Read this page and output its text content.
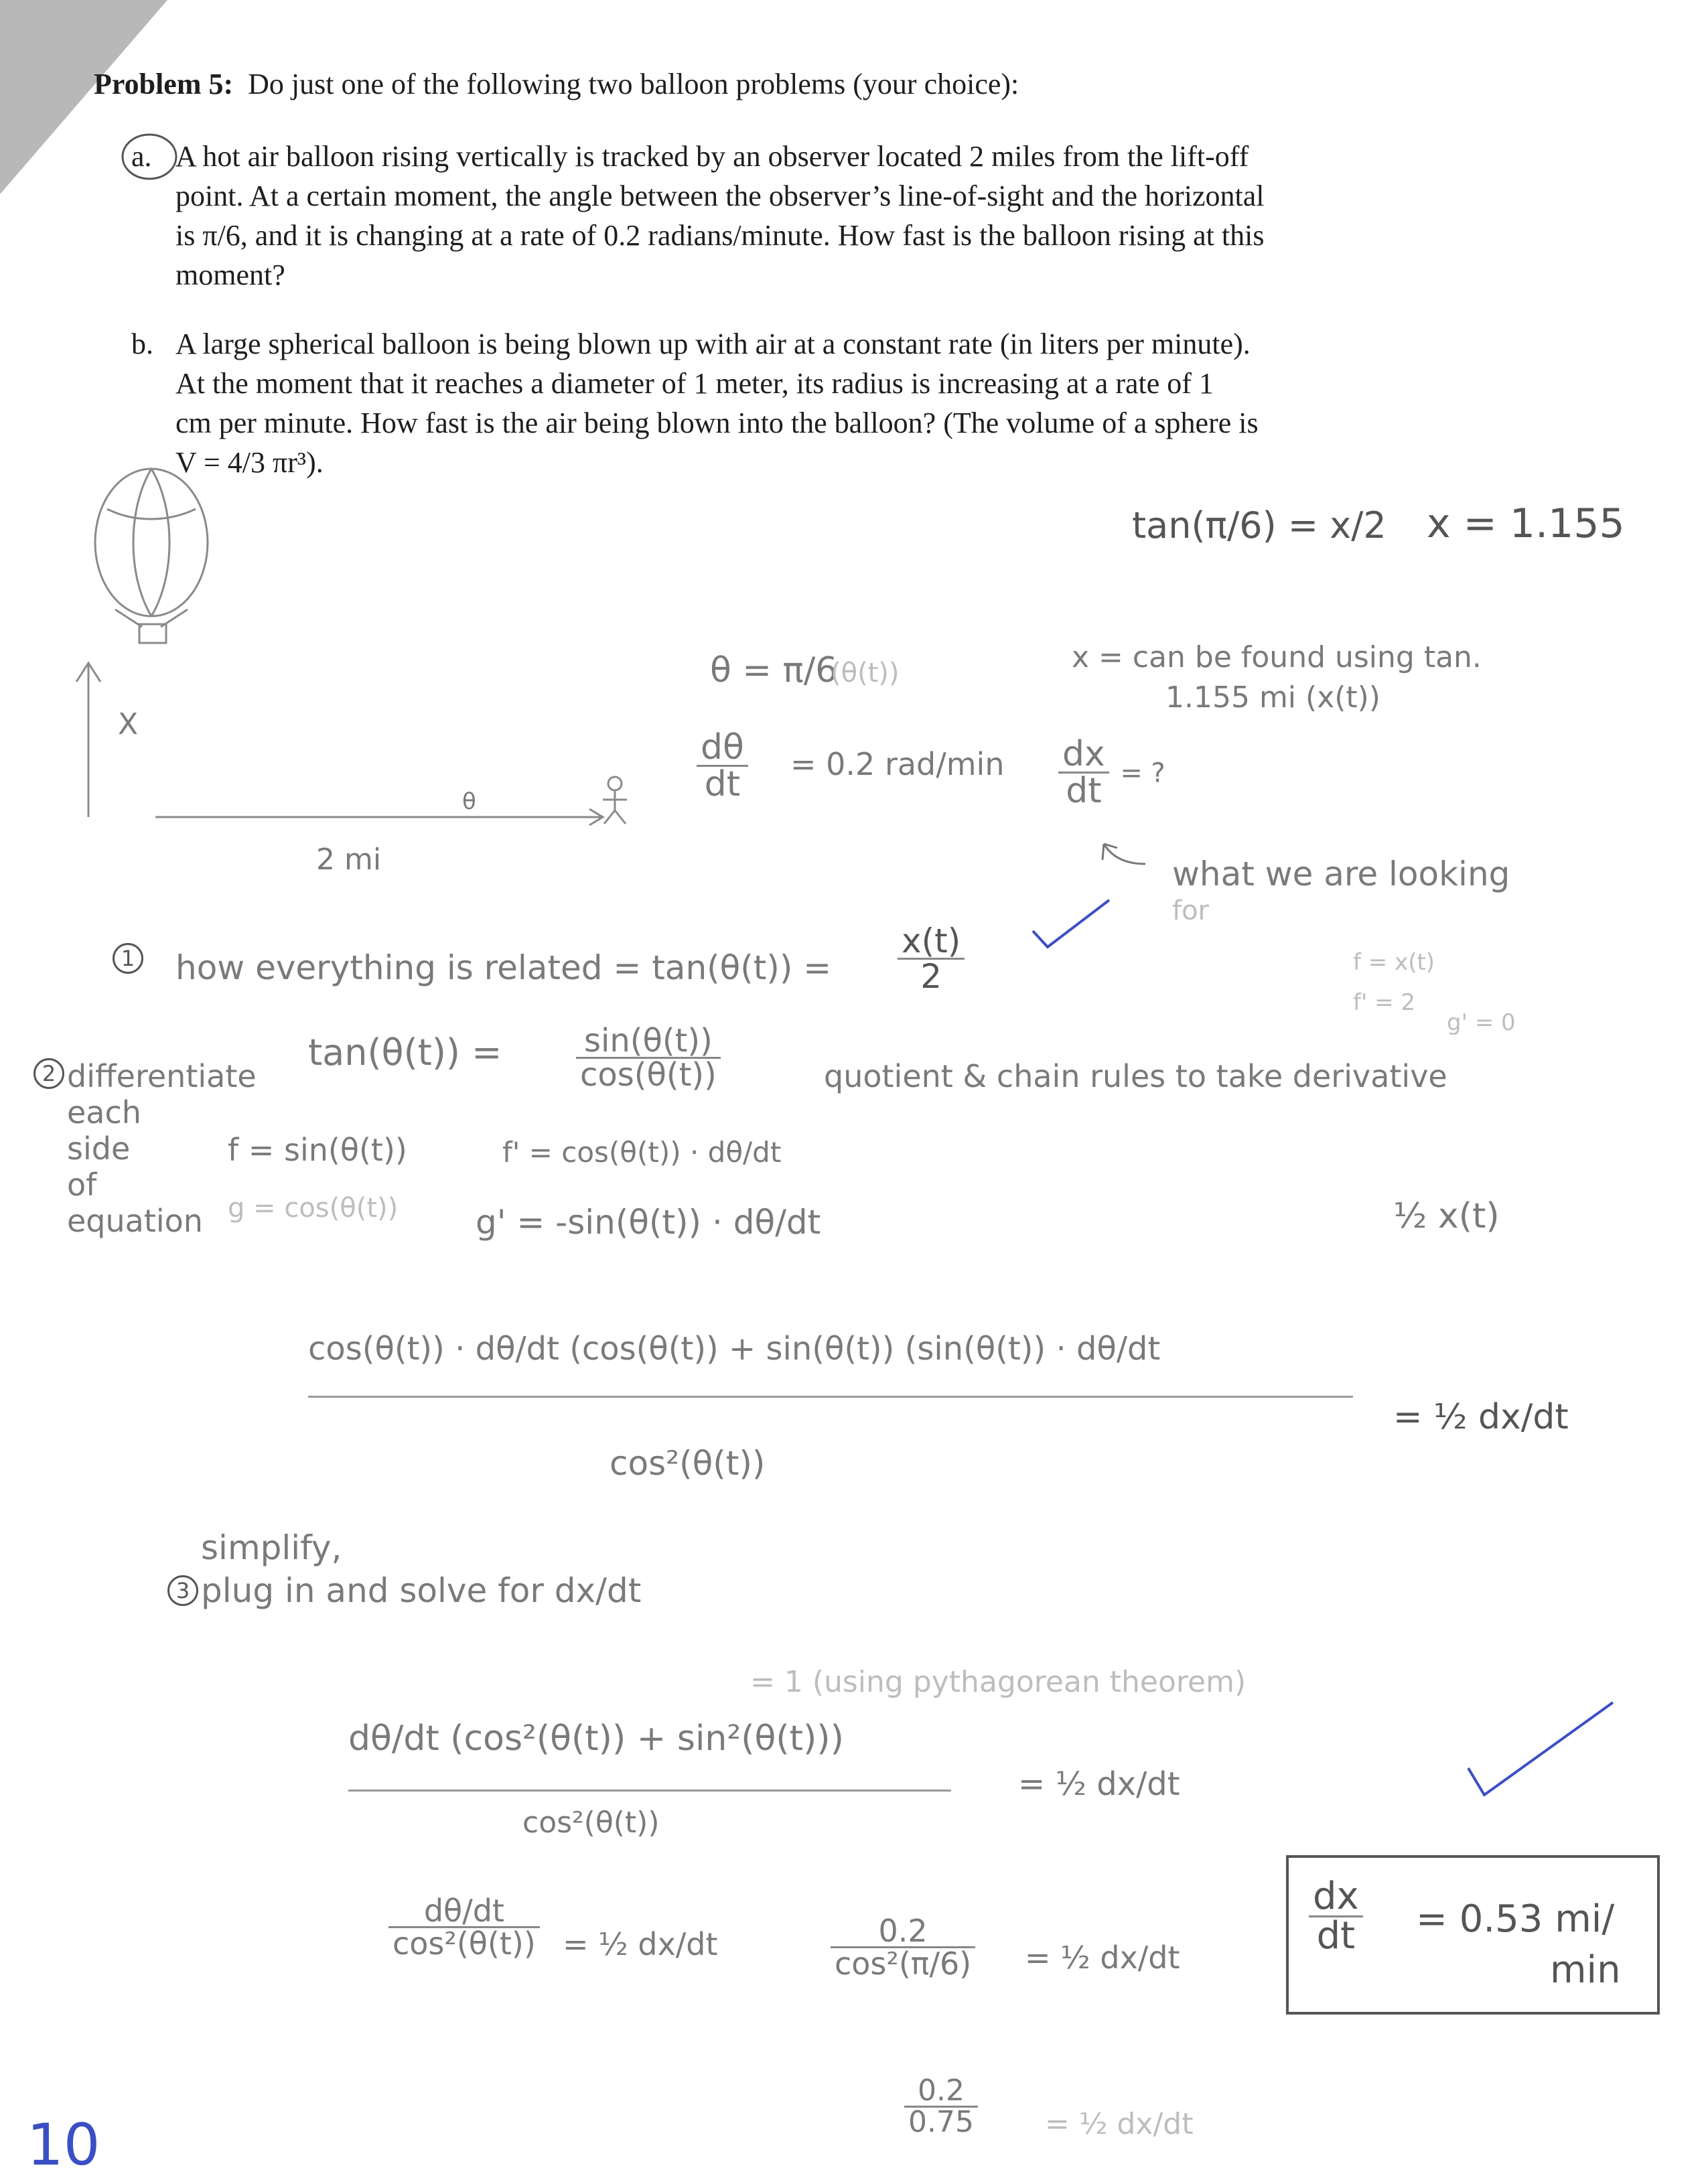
Problem 5: Do just one of the following two balloon problems (your choice):
a. A hot air balloon rising vertically is tracked by an observer located 2 miles from the lift-off
point. At a certain moment, the angle between the observer’s line-of-sight and the horizontal
is π/6, and it is changing at a rate of 0.2 radians/minute. How fast is the balloon rising at this
moment?
b. A large spherical balloon is being blown up with air at a constant rate (in liters per minute).
At the moment that it reaches a diameter of 1 meter, its radius is increasing at a rate of 1
cm per minute. How fast is the air being blown into the balloon? (The volume of a sphere is
V = 4/3 πr³).
X
θ
2 mi
tan(π/6) = x/2 x = 1.155
θ = π/6
(θ(t))	x = can be found using tan.
1.155 mi (x(t))
$\frac{d\theta}{dt} = 0.2$ $rad/\min \frac{dx}{dt}$ = ?
what we are looking
for
1 how everything is related = $\tan(\theta(t)) = \frac{x(t)}{2}$	f = x(t)
f' = 2
g' = 0
2 differentiate
each
side
of
equation
$\tan(\theta(t)) = \frac{\sin(\theta(t))}{\cos(\theta(t))}$	quotient & chain rules to take derivative
f = sin(θ(t))
g = cos(θ(t))
f' = cos(θ(t)) · dθ/dt
g' = -sin(θ(t)) · dθ/dt	½ x(t)
cos(θ(t)) · dθ/dt (cos(θ(t)) + sin(θ(t)) (sin(θ(t)) · dθ/dt
cos²(θ(t))
= ½ dx/dt
simplify,
3 plug in and solve for dx/dt
= 1 (using pythagorean theorem)
dθ/dt (cos²(θ(t)) + sin²(θ(t)))
cos²(θ(t))
= ½ dx/dt
$\frac{d\theta/dt}{\text{cos²(θ(t))}}$ = ½ dx/dt	$\frac{0.2}{\text{cos²(π/6)}}$ = ½ dx/dt
$\frac{0.2}{0.75}$ = ½ dx/dt
$\frac{dx}{dt} = 0.53$ mi/
min
10
